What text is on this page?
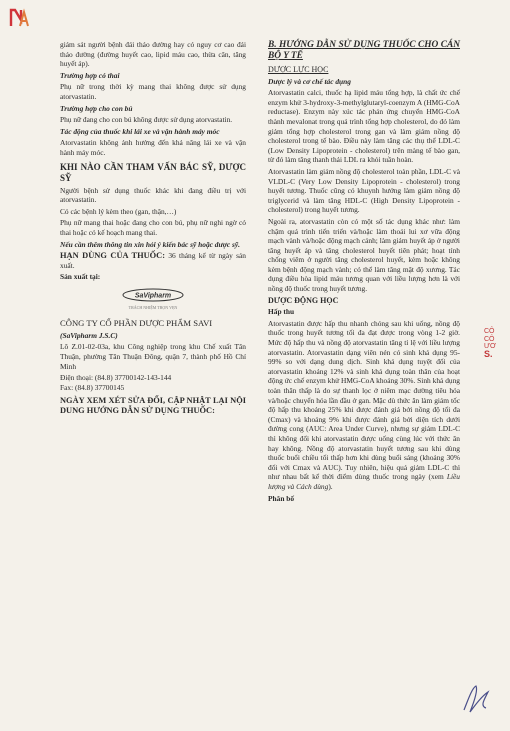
giám sát người bệnh đái tháo đường hay có nguy cơ cao đái tháo đường (đường huyết cao, lipid máu cao, thừa cân, tăng huyết áp).

Trường hợp có thai

Phụ nữ trong thời kỳ mang thai không được sử dụng atorvastatin.

Trường hợp cho con bú

Phụ nữ đang cho con bú không được sử dụng atorvastatin.

Tác động của thuốc khi lái xe và vận hành máy móc

Atorvastatin không ảnh hưởng đến khả năng lái xe và vận hành máy móc.

KHI NÀO CẦN THAM VẤN BÁC SỸ, DƯỢC SỸ

Người bệnh sử dụng thuốc khác khi đang điều trị với atorvastatin.

Có các bệnh lý kèm theo (gan, thận,…)

Phụ nữ mang thai hoặc đang cho con bú, phụ nữ nghi ngờ có thai hoặc có kế hoạch mang thai.

Nếu cần thêm thông tin xin hỏi ý kiến bác sỹ hoặc dược sỹ.

HẠN DÙNG CỦA THUỐC: 36 tháng kể từ ngày sản xuất.

Sản xuất tại:

SaVipharm
TRÁCH NHIỆM TRỌN VẸN

CÔNG TY CỔ PHẦN DƯỢC PHẨM SAVI

(SaVipharm J.S.C)

Lô Z.01-02-03a, khu Công nghiệp trong khu Chế xuất Tân Thuận, phường Tân Thuận Đông, quận 7, thành phố Hồ Chí Minh

Điện thoại: (84.8) 37700142-143-144

Fax: (84.8) 37700145

NGÀY XEM XÉT SỬA ĐỔI, CẬP NHẬT LẠI NỘI DUNG HƯỚNG DẪN SỬ DỤNG THUỐC:

B. HƯỚNG DẪN SỬ DỤNG THUỐC CHO CÁN BỘ Y TẾ

DƯỢC LỰC HỌC

Dược lý và cơ chế tác dụng

Atorvastatin calci, thuốc hạ lipid máu tổng hợp, là chất ức chế enzym khử 3-hydroxy-3-methylglutaryl-coenzym A (HMG-CoA reductase). Enzym này xúc tác phản ứng chuyển HMG-CoA thành mevalonat trong quá trình tổng hợp cholesterol, do đó làm giảm tổng hợp cholesterol trong gan và làm giảm nồng độ cholesterol trong tế bào. Điều này làm tăng các thụ thể LDL-C (Low Density Lipoprotein - cholesterol) trên màng tế bào gan, từ đó làm tăng thanh thải LDL ra khỏi tuần hoàn.

Atorvastatin làm giảm nồng độ cholesterol toàn phần, LDL-C và VLDL-C (Very Low Density Lipoprotein - cholesterol) trong huyết tương. Thuốc cũng có khuynh hướng làm giảm nồng độ triglycerid và làm tăng HDL-C (High Density Lipoprotein - cholesterol) trong huyết tương.

Ngoài ra, atorvastatin còn có một số tác dụng khác như: làm chậm quá trình tiến triển và/hoặc làm thoái lui xơ vữa động mạch vành và/hoặc động mạch cảnh; làm giảm huyết áp ở người tăng huyết áp và tăng cholesterol huyết tiên phát; hoạt tính chống viêm ở người tăng cholesterol huyết, kèm hoặc không kèm bệnh động mạch vành; có thể làm tăng mật độ xương. Tác dụng điều hòa lipid máu tương quan với liều lượng hơn là với nồng độ thuốc trong huyết tương.

DƯỢC ĐỘNG HỌC

Hấp thu

Atorvastatin được hấp thu nhanh chóng sau khi uống, nồng độ thuốc trong huyết tương tối đa đạt được trong vòng 1-2 giờ. Mức độ hấp thu và nồng độ atorvastatin tăng tỉ lệ với liều lượng atorvastatin. Atorvastatin dạng viên nén có sinh khả dụng 95-99% so với dạng dung dịch. Sinh khả dụng tuyệt đối của atorvastatin khoảng 12% và sinh khả dụng toàn thân của hoạt động ức chế enzym khử HMG-CoA khoảng 30%. Sinh khả dụng toàn thân thấp là do sự thanh lọc ở niêm mạc đường tiêu hóa và/hoặc chuyển hóa lần đầu ở gan. Mặc dù thức ăn làm giảm tốc độ hấp thu khoảng 25% khi được đánh giá bởi nồng độ tối đa (Cmax) và khoảng 9% khi được đánh giá bởi diện tích dưới đường cong (AUC: Area Under Curve), nhưng sự giảm LDL-C thì không đổi khi atorvastatin được uống cùng lúc với thức ăn hay không. Nồng độ atorvastatin huyết tương sau khi dùng thuốc buổi chiều tối thấp hơn khi dùng buổi sáng (khoảng 30% đối với Cmax và AUC). Tuy nhiên, hiệu quả giảm LDL-C thì như nhau bất kể thời điểm dùng thuốc trong ngày (xem Liều lượng và Cách dùng).

Phân bố

CÔ
CÔ
ƯƠ
S.
